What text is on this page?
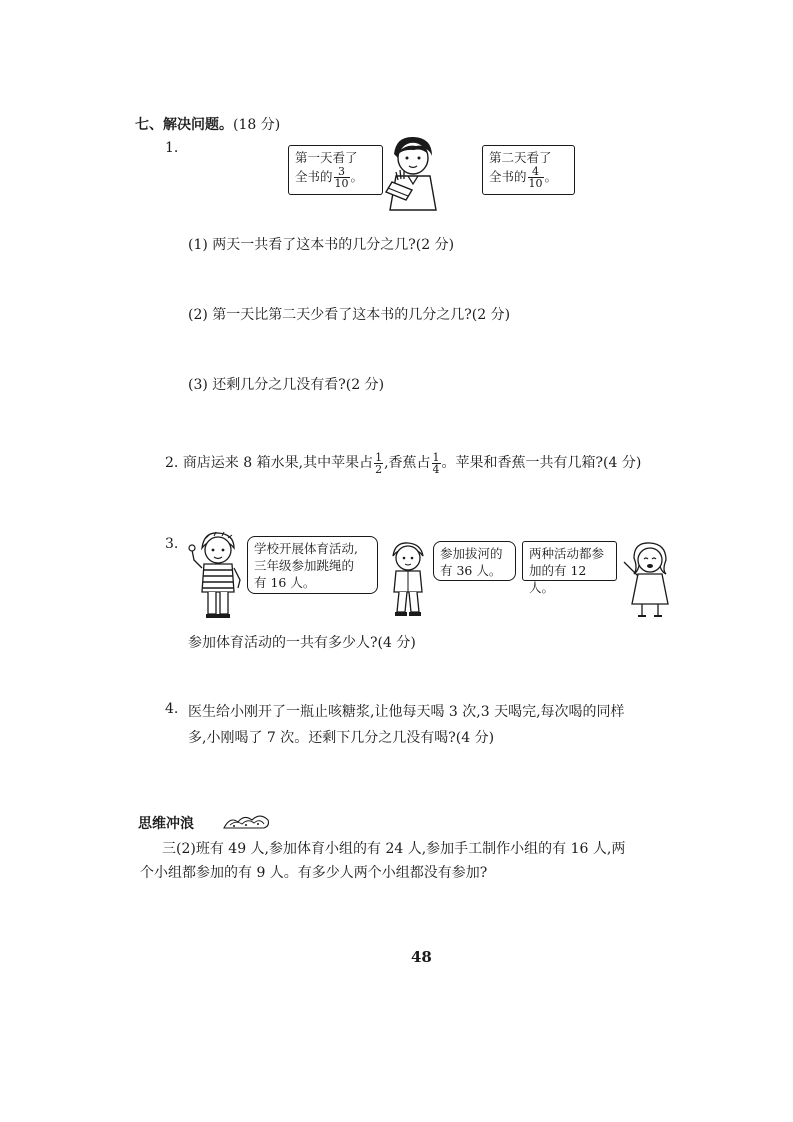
七、解决问题。(18 分)
1.
第一天看了
全书的 $\frac{3}{10}$ 。
第二天看了
全书的 $\frac{4}{10}$ 。
(1) 两天一共看了这本书的几分之几?(2 分)
(2) 第一天比第二天少看了这本书的几分之几?(2 分)
(3) 还剩几分之几没有看?(2 分)
2. 商店运来 8 箱水果,其中苹果占 $\frac{1}{2}$ ,香蕉占 $\frac{1}{4}$ 。苹果和香蕉一共有几箱?(4 分)
3.	学校开展体育活动,
三年级参加跳绳的
有 16 人。
参加拔河的
有 36 人。
两种活动都参
加的有 12 人。
参加体育活动的一共有多少人?(4 分)
4. 医生给小刚开了一瓶止咳糖浆,让他每天喝 3 次,3 天喝完,每次喝的同样
多,小刚喝了 7 次。还剩下几分之几没有喝?(4 分)
思维冲浪
三(2)班有 49 人,参加体育小组的有 24 人,参加手工制作小组的有 16 人,两
个小组都参加的有 9 人。有多少人两个小组都没有参加?
48
